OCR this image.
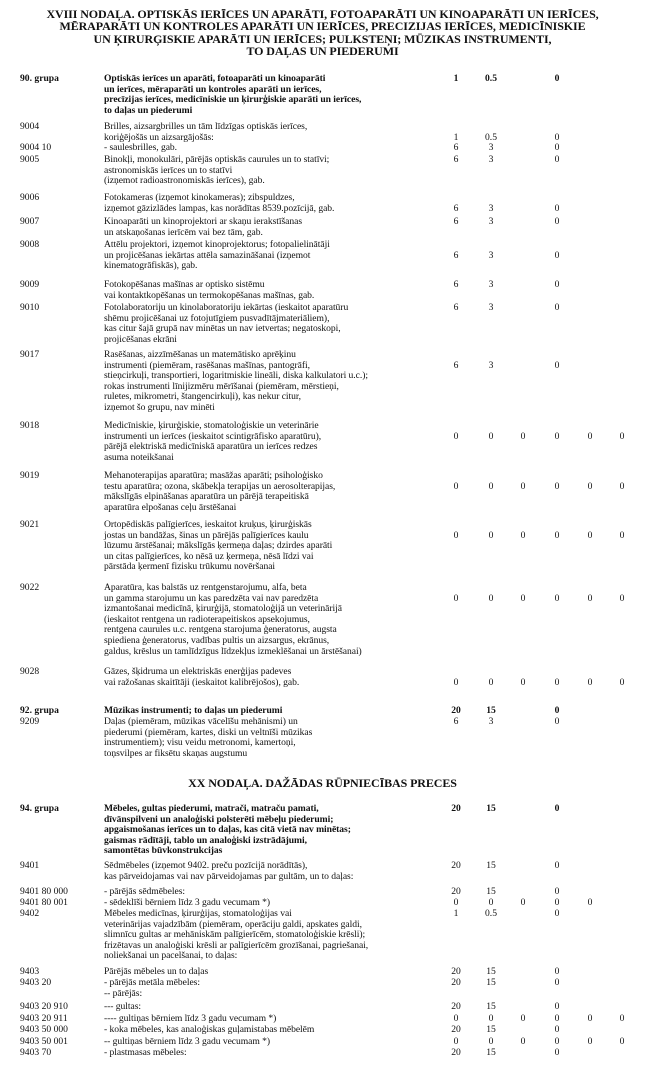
XVIII NODAĻA. OPTISKĀS IERĪCES UN APARĀTI, FOTOAPARĀTI UN KINOAPARĀTI UN IERĪCES,
MĒRAPARĀTI UN KONTROLES APARĀTI UN IERĪCES, PRECIZIJAS IERĪCES, MEDICĪNISKIE
UN ĶIRURĢISKIE APARĀTI UN IERĪCES; PULKSTEŅI; MŪZIKAS INSTRUMENTI,
TO DAĻAS UN PIEDERUMI
XX NODAĻA. DAŽĀDAS RŪPNIECĪBAS PRECES
90. grupa	Optiskās ierīces un aparāti, fotoaparāti un kinoaparāti
un ierīces, mēraparāti un kontroles aparāti un ierīces,
precīzijas ierīces, medicīniskie un ķirurģiskie aparāti un ierīces,
to daļas un piederumi
1	0.5	0
9004	Brilles, aizsargbrilles un tām līdzīgas optiskās ierīces,
koriģējošās un aizsargājošās:	1	0.5	0
9004 10	- saulesbrilles, gab.	6	3	0
9005	Binokļi, monokulāri, pārējās optiskās caurules un to statīvi;
astronomiskās ierīces un to statīvi
(izņemot radioastronomiskās ierīces), gab.
6	3	0
9006	Fotokameras (izņemot kinokameras); zibspuldzes,
izņemot gāzizlādes lampas, kas norādītas 8539.pozīcijā, gab.	6	3	0
9007	Kinoaparāti un kinoprojektori ar skaņu ierakstīšanas
un atskaņošanas ierīcēm vai bez tām, gab.
6	3	0
9008	Attēlu projektori, izņemot kinoprojektorus; fotopalielinātāji
un projicēšanas iekārtas attēla samazināšanai (izņemot
kinematogrāfiskās), gab.
6	3	0
9009	Fotokopēšanas mašīnas ar optisko sistēmu
vai kontaktkopēšanas un termokopēšanas mašīnas, gab.
6	3	0
9010	Fotolaboratoriju un kinolaboratoriju iekārtas (ieskaitot aparatūru
shēmu projicēšanai uz fotojutīgiem pusvadītājmateriāliem),
kas citur šajā grupā nav minētas un nav ietvertas; negatoskopi,
projicēšanas ekrāni
6	3	0
9017	Rasēšanas, aizzīmēšanas un matemātisko aprēķinu
instrumenti (piemēram, rasēšanas mašīnas, pantogrāfi,
stieņcirkuļi, transportieri, logaritmiskie lineāli, diska kalkulatori u.c.);
rokas instrumenti līnijizmēru mērīšanai (piemēram, mērstieņi,
ruletes, mikrometri, štangencirkuļi), kas nekur citur,
izņemot šo grupu, nav minēti
6	3	0
9018	Medicīniskie, ķirurģiskie, stomatoloģiskie un veterinārie
instrumenti un ierīces (ieskaitot scintigrāfisko aparatūru),
pārējā elektriskā medicīniskā aparatūra un ierīces redzes
asuma noteikšanai
0	0	0	0	0	0
9019	Mehanoterapijas aparatūra; masāžas aparāti; psiholoģisko
testu aparatūra; ozona, skābekļa terapijas un aerosolterapijas,
mākslīgās elpināšanas aparatūra un pārējā terapeitiskā
aparatūra elpošanas ceļu ārstēšanai
0	0	0	0	0	0
9021	Ortopēdiskās palīgierīces, ieskaitot kruķus, ķirurģiskās
jostas un bandāžas, šinas un pārējās palīgierīces kaulu
lūzumu ārstēšanai; mākslīgās ķermeņa daļas; dzirdes aparāti
un citas palīgierīces, ko nēsā uz ķermeņa, nēsā līdzi vai
pārstāda ķermenī fizisku trūkumu novēršanai
0	0	0	0	0	0
9022	Aparatūra, kas balstās uz rentgenstarojumu, alfa, beta
un gamma starojumu un kas paredzēta vai nav paredzēta
izmantošanai medicīnā, ķirurģijā, stomatoloģijā un veterinārijā
(ieskaitot rentgena un radioterapeitiskos apsekojumus,
rentgena caurules u.c. rentgena starojuma ģeneratorus, augsta
spiediena ģeneratorus, vadības pultis un aizsargus, ekrānus,
galdus, krēslus un tamlīdzīgus līdzekļus izmeklēšanai un ārstēšanai)
0	0	0	0	0	0
9028	Gāzes, šķidruma un elektriskās enerģijas padeves
vai ražošanas skaitītāji (ieskaitot kalibrējošos), gab.	0	0	0	0	0	0
92. grupa	Mūzikas instrumenti; to daļas un piederumi	20	15	0
9209	Daļas (piemēram, mūzikas vācelīšu mehānismi) un
piederumi (piemēram, kartes, diski un veltnīši mūzikas
instrumentiem); visu veidu metronomi, kamertoņi,
toņsvilpes ar fiksētu skaņas augstumu
6	3	0
94. grupa	Mēbeles, gultas piederumi, matrači, matraču pamati,
dīvānspilveni un analoģiski polsterēti mēbeļu piederumi;
apgaismošanas ierīces un to daļas, kas citā vietā nav minētas;
gaismas rādītāji, tablo un analoģiski izstrādājumi,
samontētas būvkonstrukcijas
20	15	0
9401	Sēdmēbeles (izņemot 9402. preču pozīcijā norādītās),
kas pārveidojamas vai nav pārveidojamas par gultām, un to daļas:
20	15	0
9401 80 000	- pārējās sēdmēbeles:	20	15	0
9401 80 001	- sēdeklīši bērniem līdz 3 gadu vecumam *)	0	0	0	0	0
9402	Mēbeles medicīnas, ķirurģijas, stomatoloģijas vai
veterinārijas vajadzībām (piemēram, operāciju galdi, apskates galdi,
slimnīcu gultas ar mehāniskām palīgierīcēm, stomatoloģiskie krēsli);
frizētavas un analoģiski krēsli ar palīgierīcēm grozīšanai, pagriešanai,
noliekšanai un pacelšanai, to daļas:
1	0.5	0
9403	Pārējās mēbeles un to daļas	20	15	0
9403 20	- pārējās metāla mēbeles:	20	15	0
-- pārējās:
9403 20 910	--- gultas:	20	15	0
9403 20 911	---- gultiņas bērniem līdz 3 gadu vecumam *)	0	0	0	0	0	0
9403 50 000	- koka mēbeles, kas analoģiskas guļamistabas mēbelēm	20	15	0
9403 50 001	-- gultiņas bērniem līdz 3 gadu vecumam *)	0	0	0	0	0	0
9403 70	- plastmasas mēbeles:	20	15	0
